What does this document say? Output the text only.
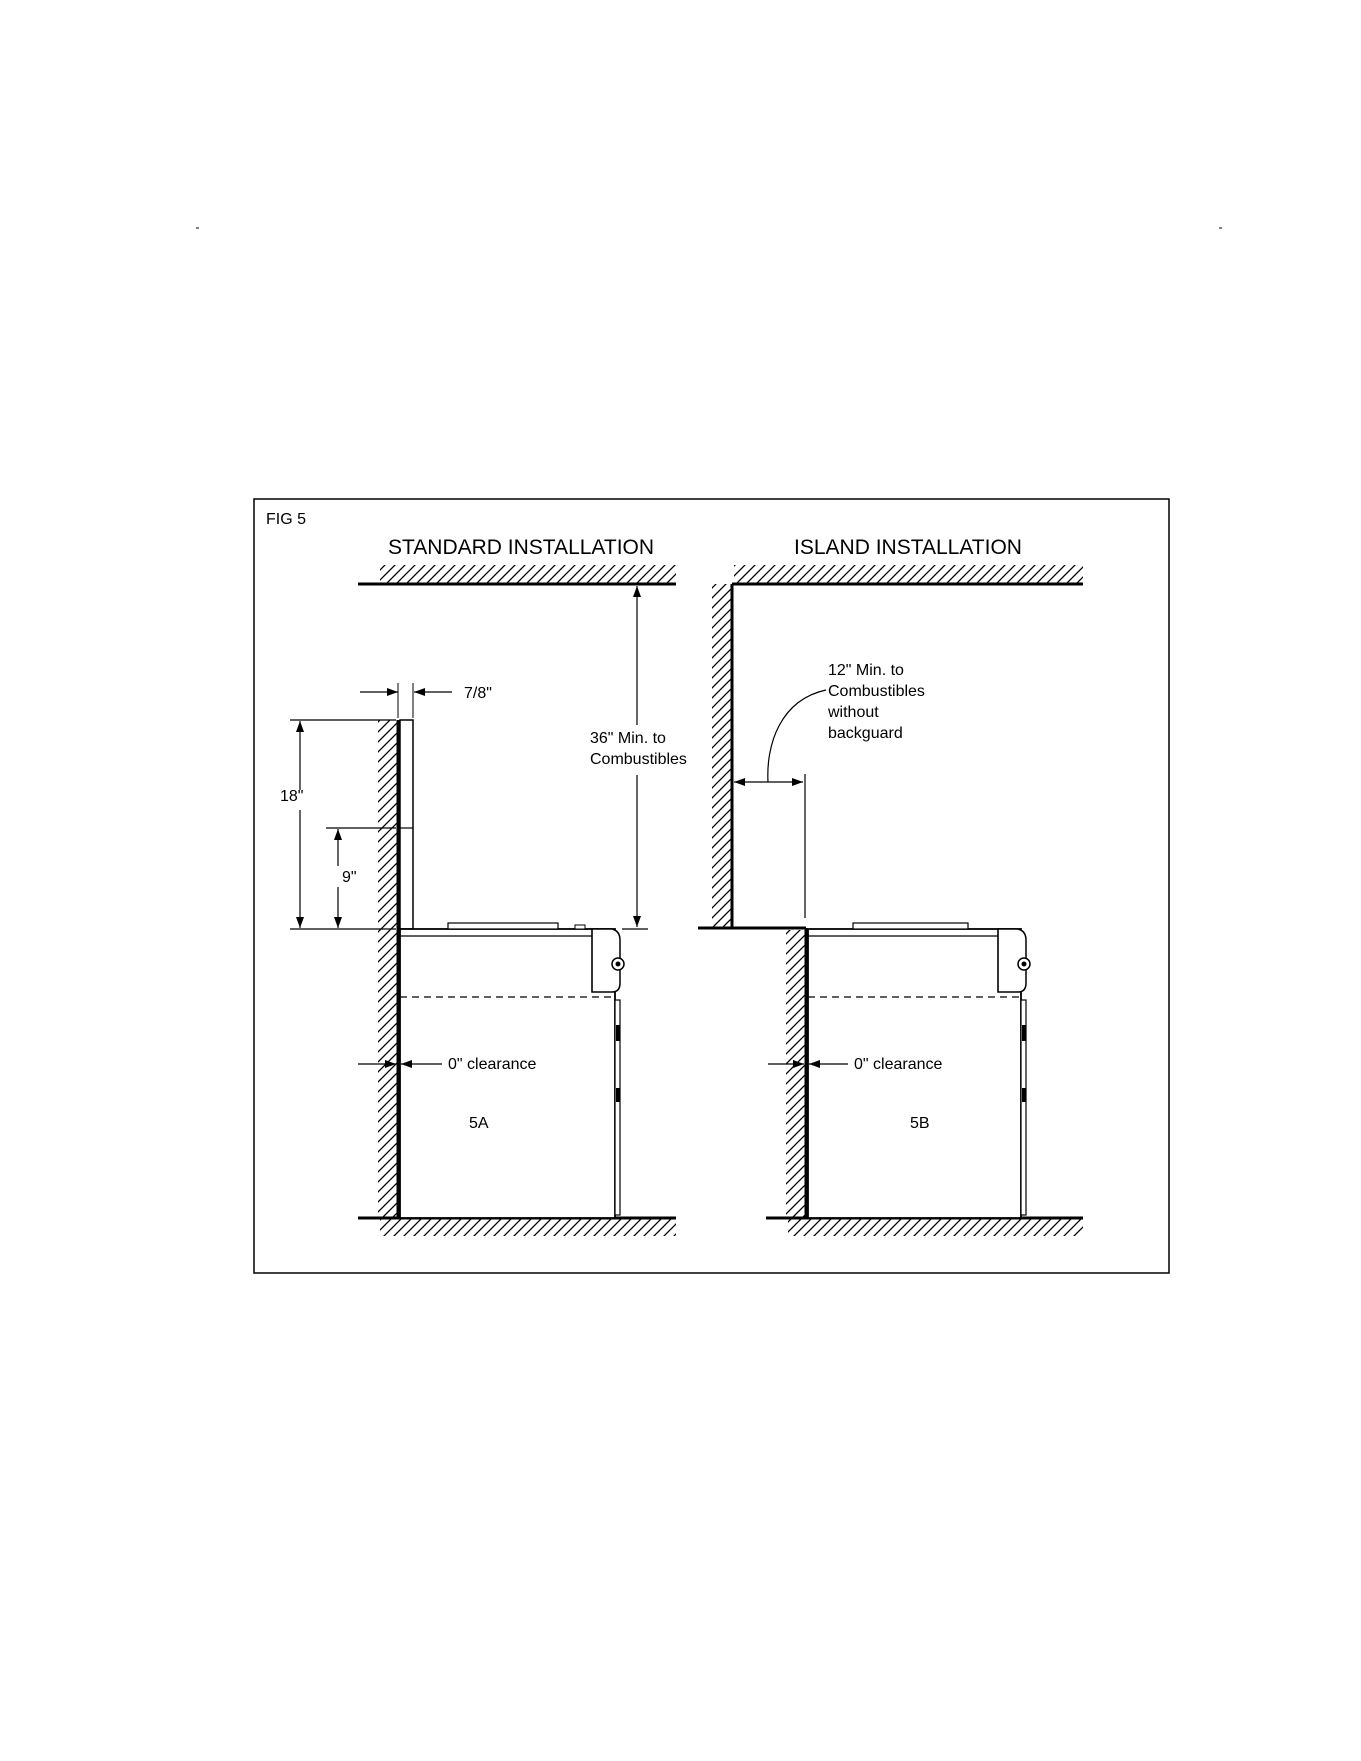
FIG 5
STANDARD INSTALLATION
7/8"
18"
9"
36" Min. to
Combustibles
0" clearance
5A
ISLAND INSTALLATION
12" Min. to
Combustibles
without
backguard
0" clearance
5B
